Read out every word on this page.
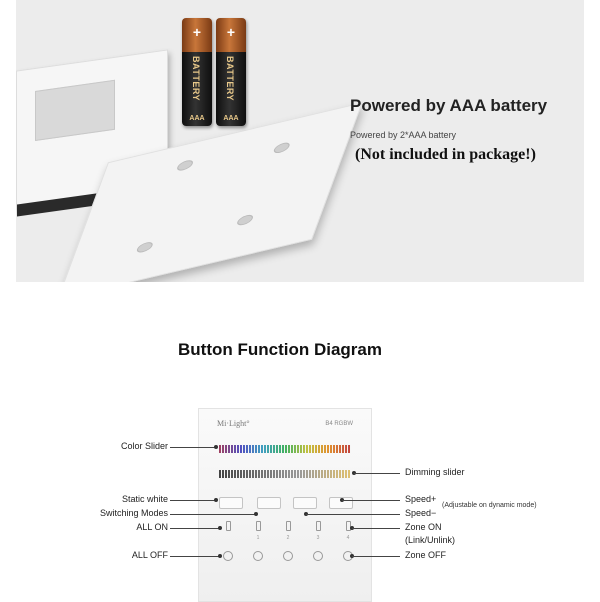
+
BATTERY
AAA
+
BATTERY
AAA
Powered by AAA battery
Powered by 2*AAA battery
(Not included in package!)
Button Function Diagram
Mi·Light°	B4 RGBW
1	2	3	4
Color Slider
Static white
Switching Modes
ALL ON
ALL OFF
Dimming slider
Speed+
(Adjustable on dynamic mode)
Speed−
Zone ON
(Link/Unlink)
Zone OFF
